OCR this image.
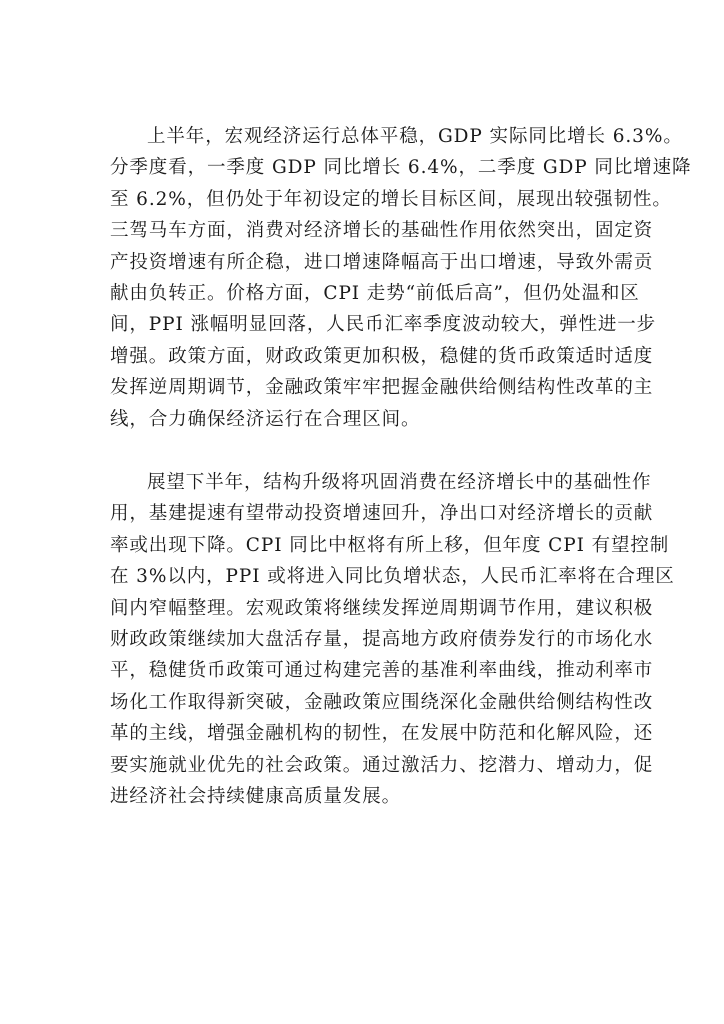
上半年，宏观经济运行总体平稳，GDP 实际同比增长 6.3%。
分季度看，一季度 GDP 同比增长 6.4%，二季度 GDP 同比增速降
至 6.2%，但仍处于年初设定的增长目标区间，展现出较强韧性。
三驾马车方面，消费对经济增长的基础性作用依然突出，固定资
产投资增速有所企稳，进口增速降幅高于出口增速，导致外需贡
献由负转正。价格方面，CPI 走势“前低后高”，但仍处温和区
间，PPI 涨幅明显回落，人民币汇率季度波动较大，弹性进一步
增强。政策方面，财政政策更加积极，稳健的货币政策适时适度
发挥逆周期调节，金融政策牢牢把握金融供给侧结构性改革的主
线，合力确保经济运行在合理区间。
展望下半年，结构升级将巩固消费在经济增长中的基础性作
用，基建提速有望带动投资增速回升，净出口对经济增长的贡献
率或出现下降。CPI 同比中枢将有所上移，但年度 CPI 有望控制
在 3%以内，PPI 或将进入同比负增状态，人民币汇率将在合理区
间内窄幅整理。宏观政策将继续发挥逆周期调节作用，建议积极
财政政策继续加大盘活存量，提高地方政府债券发行的市场化水
平，稳健货币政策可通过构建完善的基准利率曲线，推动利率市
场化工作取得新突破，金融政策应围绕深化金融供给侧结构性改
革的主线，增强金融机构的韧性，在发展中防范和化解风险，还
要实施就业优先的社会政策。通过激活力、挖潜力、增动力，促
进经济社会持续健康高质量发展。
